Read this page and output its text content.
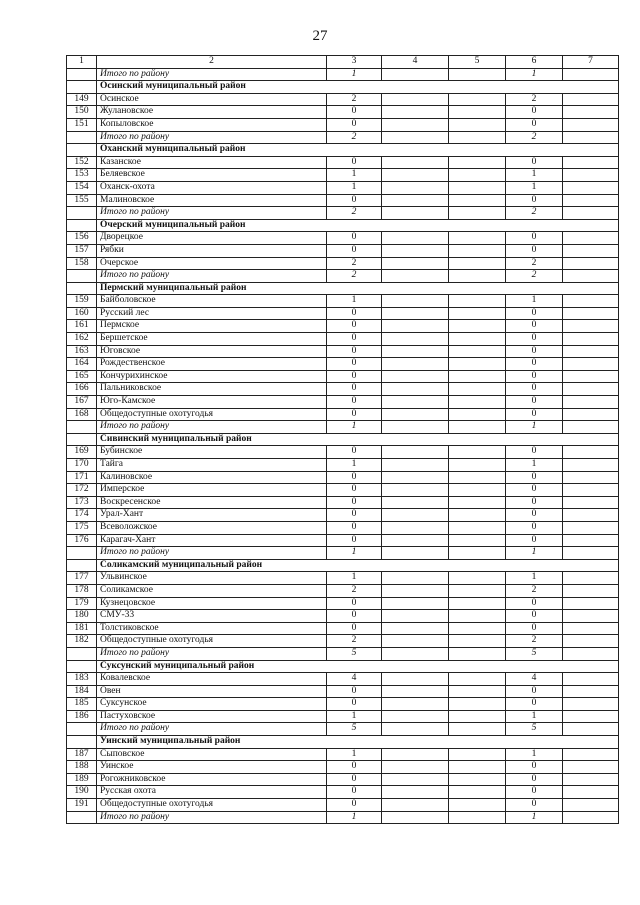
27
1	2	3	4	5	6	7
	Итого по району	1			1	
	Осинский муниципальный район					
149	Осинское	2			2	
150	Жулановское	0			0	
151	Копыловское	0			0	
	Итого по району	2			2	
	Оханский муниципальный район					
152	Казанское	0			0	
153	Беляевское	1			1	
154	Оханск-охота	1			1	
155	Малиновское	0			0	
	Итого по району	2			2	
	Очерский муниципальный район					
156	Дворецкое	0			0	
157	Рябки	0			0	
158	Очерское	2			2	
	Итого по району	2			2	
	Пермский муниципальный район					
159	Байболовское	1			1	
160	Русский лес	0			0	
161	Пермское	0			0	
162	Бершетское	0			0	
163	Юговское	0			0	
164	Рождественское	0			0	
165	Кончурихинское	0			0	
166	Пальниковское	0			0	
167	Юго-Камское	0			0	
168	Общедоступные охотугодья	0			0	
	Итого по району	1			1	
	Сивинский муниципальный район					
169	Бубинское	0			0	
170	Тайга	1			1	
171	Калиновское	0			0	
172	Имперское	0			0	
173	Воскресенское	0			0	
174	Урал-Хант	0			0	
175	Всеволожское	0			0	
176	Карагач-Хант	0			0	
	Итого по району	1			1	
	Соликамский муниципальный район					
177	Ульвинское	1			1	
178	Соликамское	2			2	
179	Кузнецовское	0			0	
180	СМУ-33	0			0	
181	Толстиковское	0			0	
182	Общедоступные охотугодья	2			2	
	Итого по району	5			5	
	Суксунский муниципальный район					
183	Ковалевское	4			4	
184	Овен	0			0	
185	Суксунское	0			0	
186	Пастуховское	1			1	
	Итого по району	5			5	
	Уинский муниципальный район					
187	Сыповское	1			1	
188	Уинское	0			0	
189	Рогожниковское	0			0	
190	Русская охота	0			0	
191	Общедоступные охотугодья	0			0	
	Итого по району	1			1	
